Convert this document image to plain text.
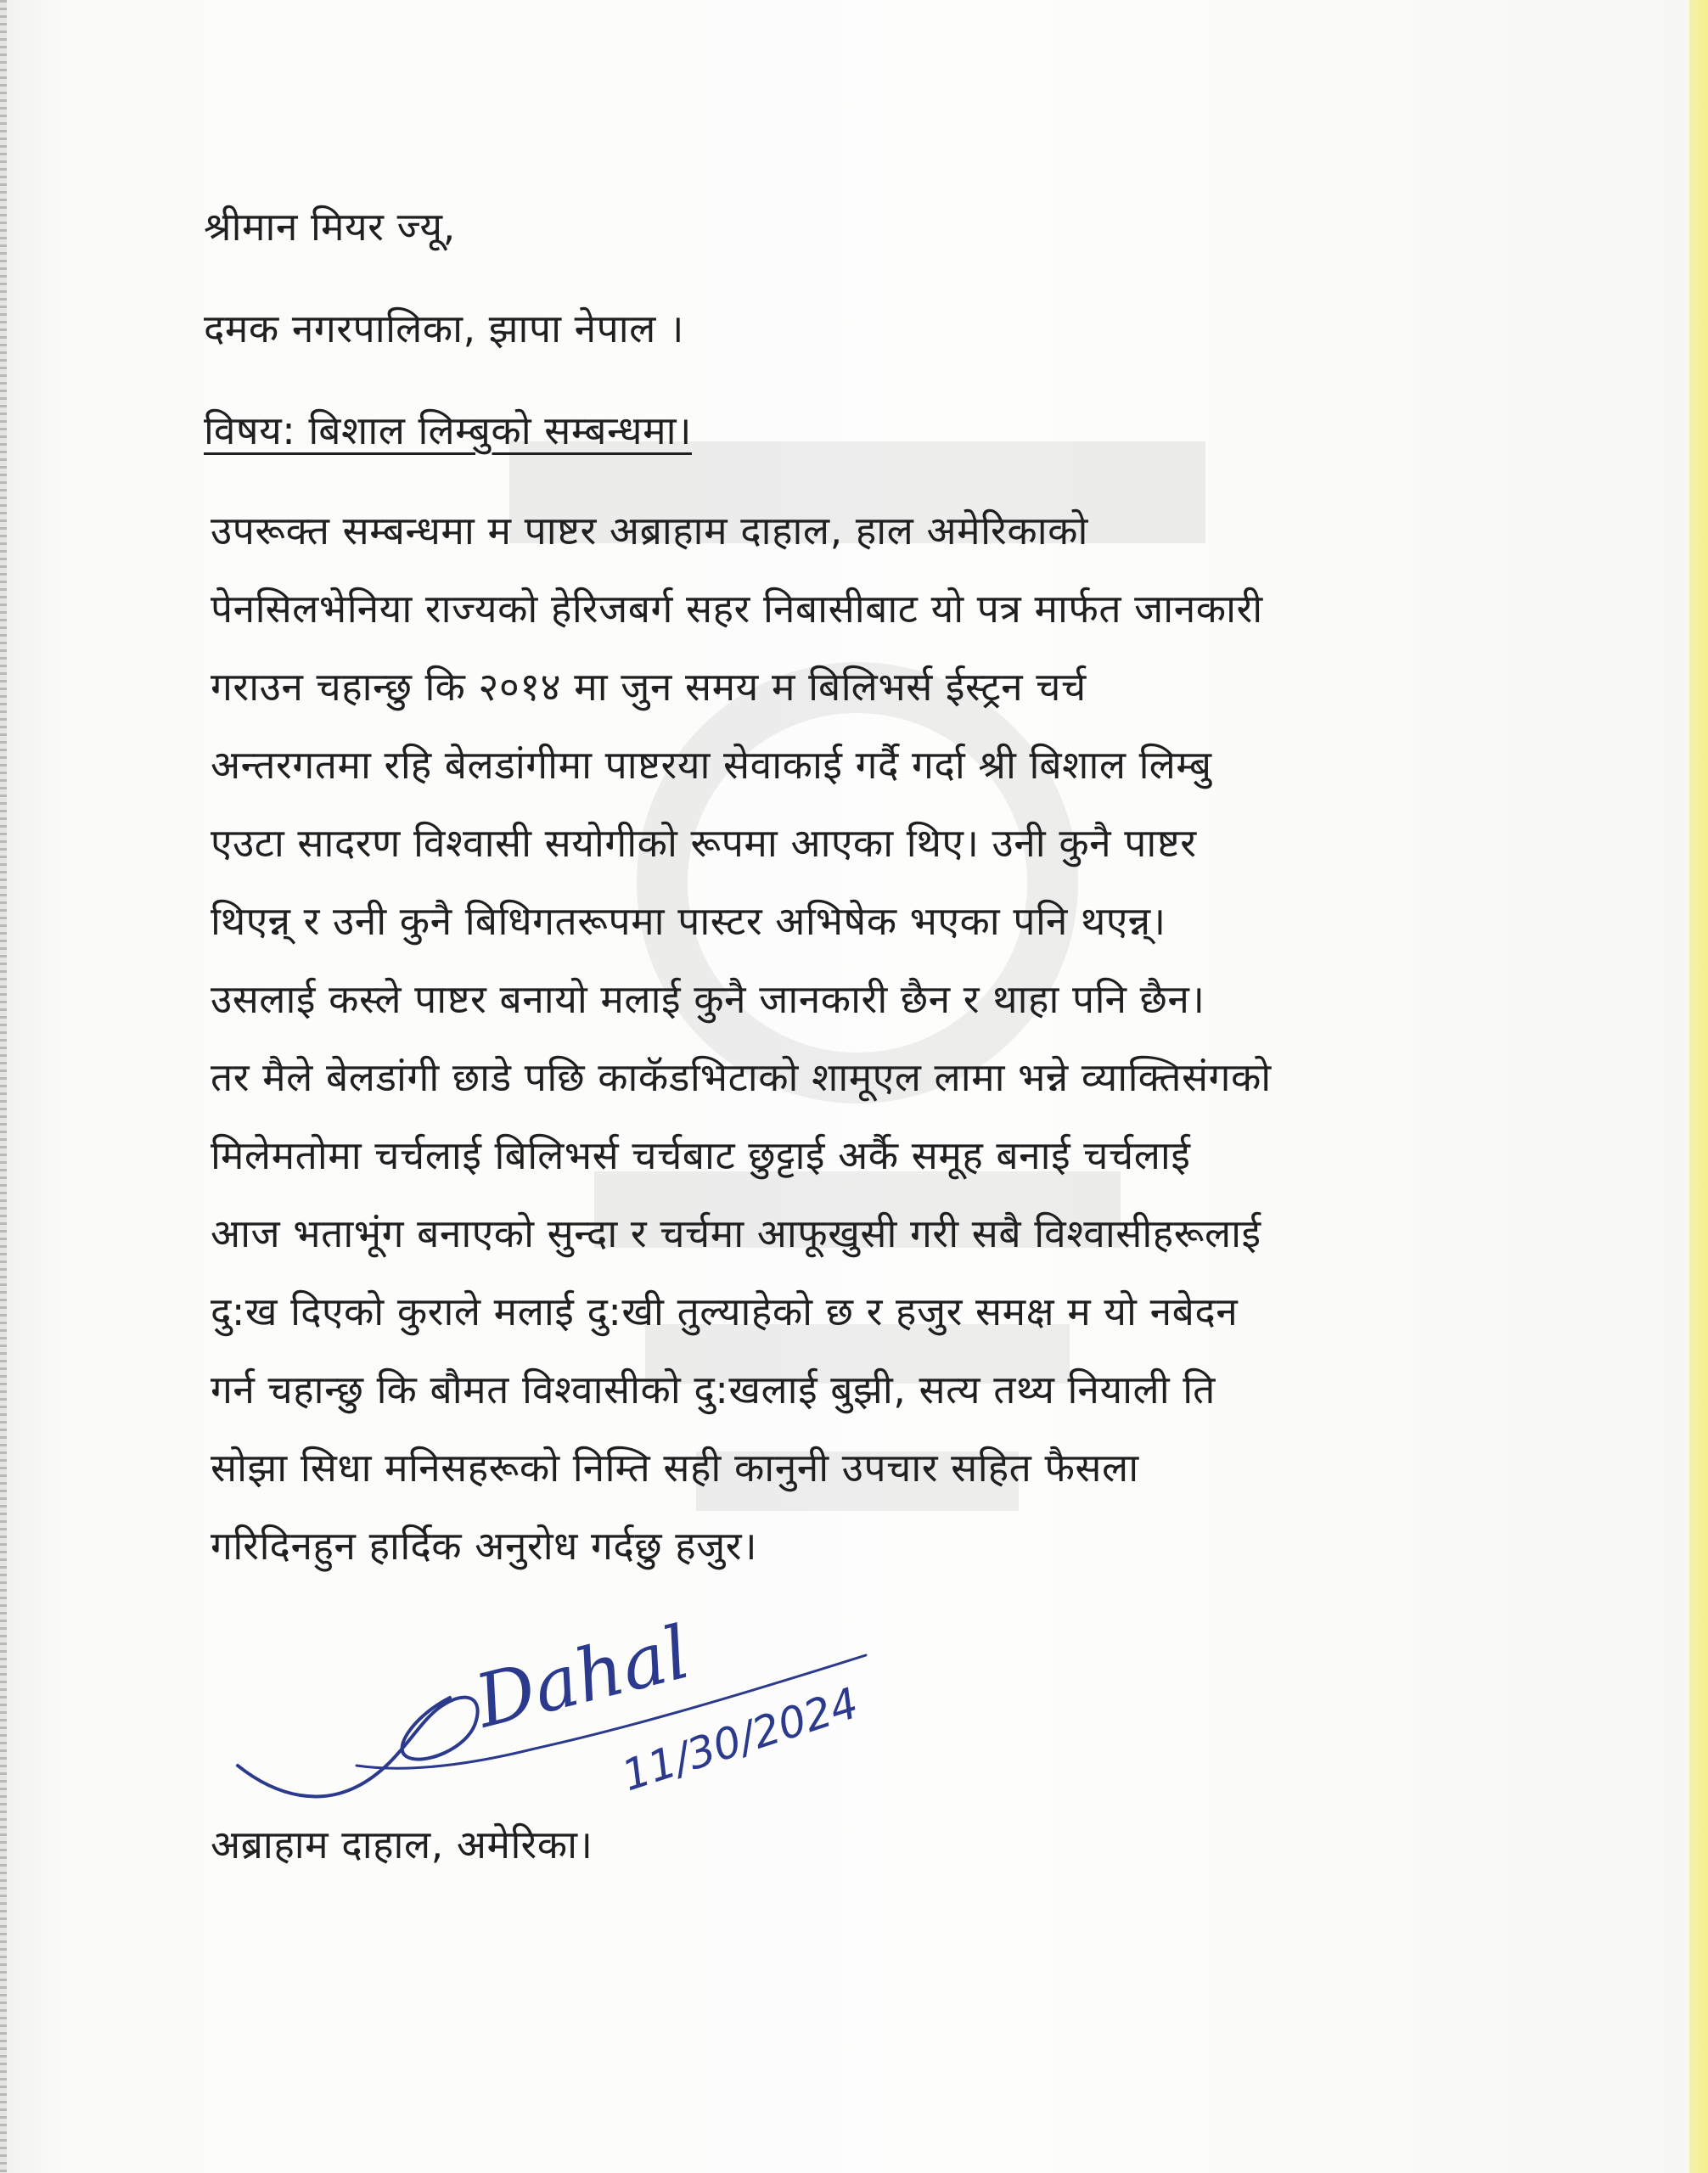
श्रीमान मियर ज्यू,
दमक नगरपालिका, झापा नेपाल ।
विषय: बिशाल लिम्बुको सम्बन्धमा।
उपरूक्त सम्बन्धमा म पाष्टर अब्राहाम दाहाल, हाल अमेरिकाको
पेनसिलभेनिया राज्यको हेरिजबर्ग सहर निबासीबाट यो पत्र मार्फत जानकारी
गराउन चहान्छु कि २०१४ मा जुन समय म बिलिभर्स ईस्ट्रन चर्च
अन्तरगतमा रहि बेलडांगीमा पाष्टरया सेवाकाई गर्दै गर्दा श्री बिशाल लिम्बु
एउटा सादरण विश्वासी सयोगीको रूपमा आएका थिए। उनी कुनै पाष्टर
थिएन्न् र उनी कुनै बिधिगतरूपमा पास्टर अभिषेक भएका पनि थएन्न्।
उसलाई कस्ले पाष्टर बनायो मलाई कुनै जानकारी छैन र थाहा पनि छैन।
तर मैले बेलडांगी छाडे पछि काकॅडभिटाको शामूएल लामा भन्ने व्याक्तिसंगको
मिलेमतोमा चर्चलाई बिलिभर्स चर्चबाट छुट्टाई अर्कै समूह बनाई चर्चलाई
आज भताभूंग बनाएको सुन्दा र चर्चमा आफूखुसी गरी सबै विश्वासीहरूलाई
दु:ख दिएको कुराले मलाई दु:खी तुल्याहेको छ र हजुर समक्ष म यो नबेदन
गर्न चहान्छु कि बौमत विश्वासीको दु:खलाई बुझी, सत्य तथ्य नियाली ति
सोझा सिधा मनिसहरूको निम्ति सही कानुनी उपचार सहित फैसला
गरिदिनहुन हार्दिक अनुरोध गर्दछु हजुर।
Dahal
11/30/2024
अब्राहाम दाहाल, अमेरिका।
